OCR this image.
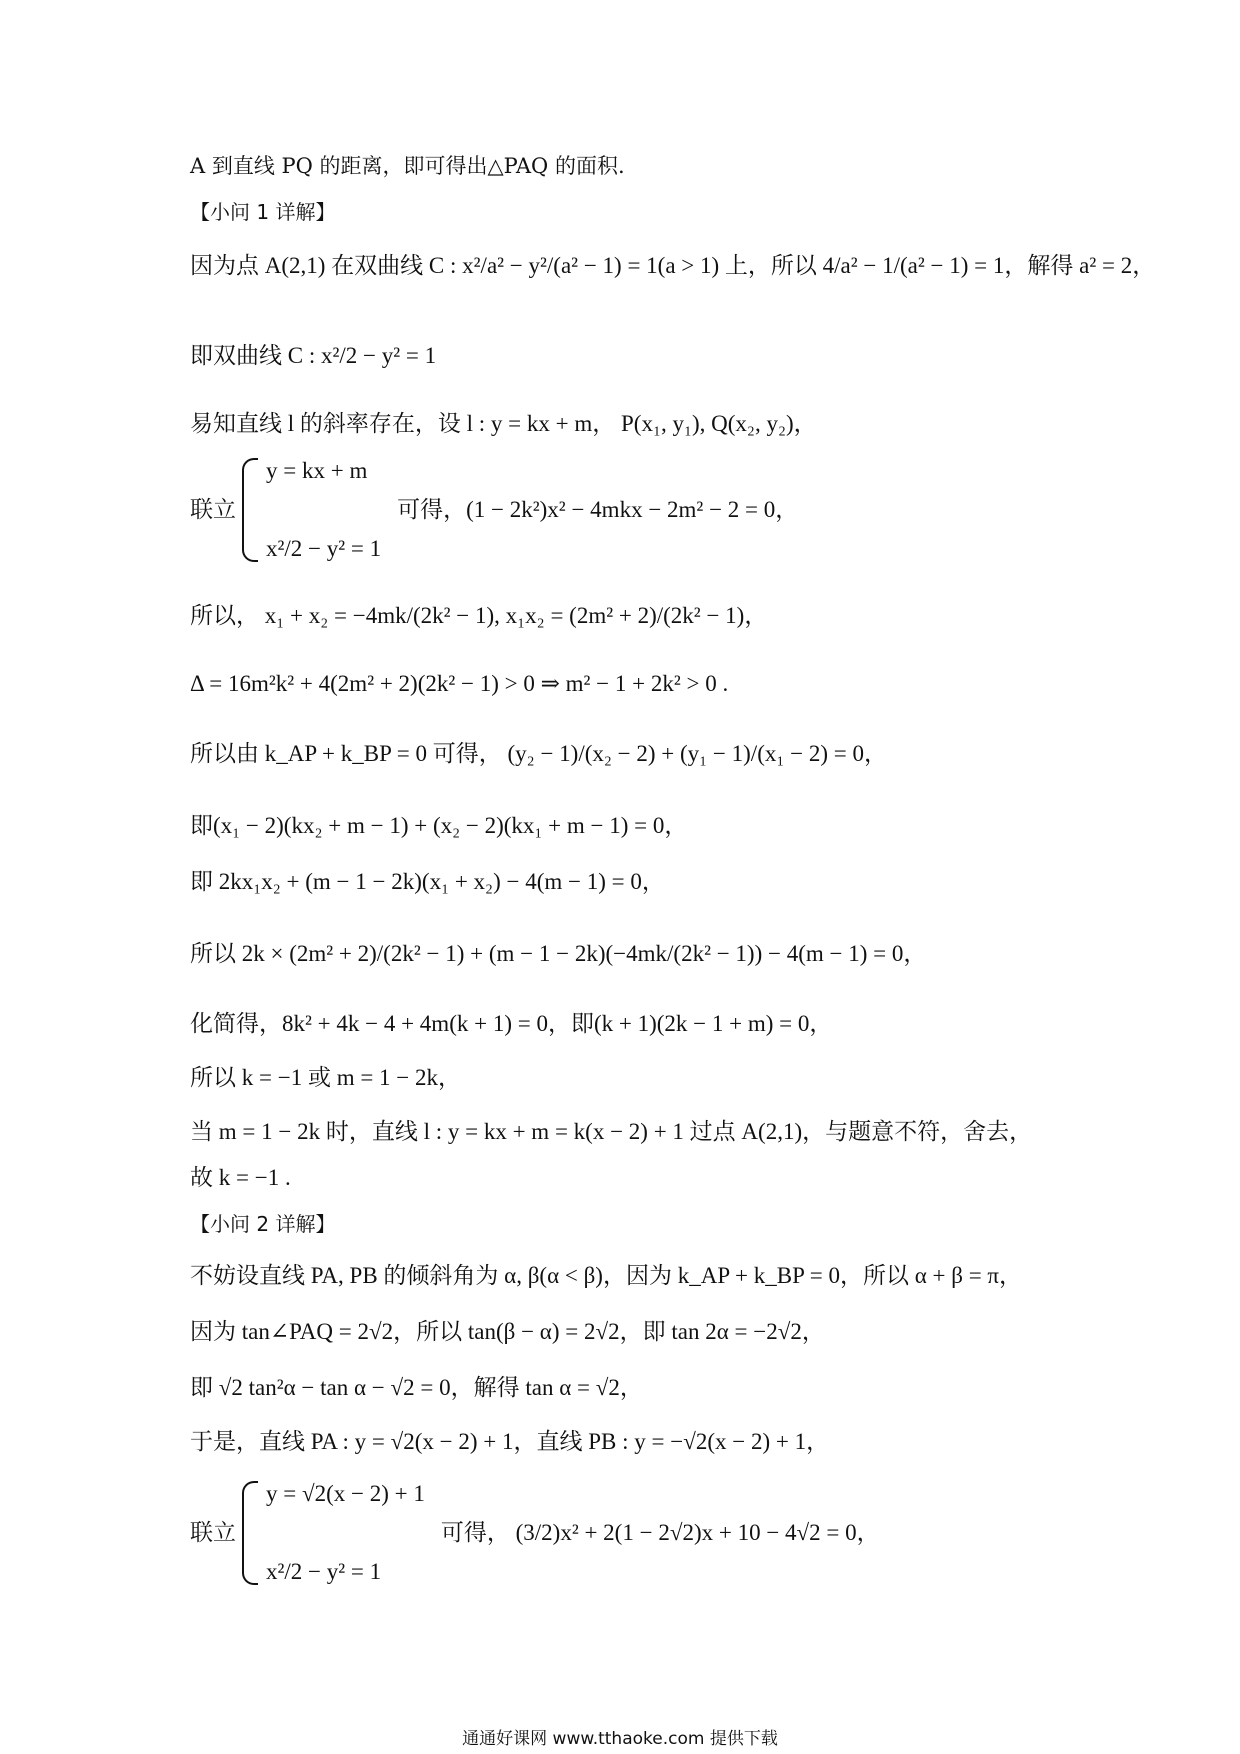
A 到直线 PQ 的距离，即可得出△PAQ 的面积.
【小问 1 详解】
因为点 A(2,1) 在双曲线 C : x²/a² − y²/(a² − 1) = 1(a > 1) 上，所以 4/a² − 1/(a² − 1) = 1，解得 a² = 2，
即双曲线 C : x²/2 − y² = 1
易知直线 l 的斜率存在，设 l : y = kx + m， P(x₁, y₁), Q(x₂, y₂)，
联立
y = kx + m
x²/2 − y² = 1
可得，(1 − 2k²)x² − 4mkx − 2m² − 2 = 0，
所以， x₁ + x₂ = −4mk/(2k² − 1), x₁x₂ = (2m² + 2)/(2k² − 1)，
Δ = 16m²k² + 4(2m² + 2)(2k² − 1) > 0 ⇒ m² − 1 + 2k² > 0 .
所以由 k_AP + k_BP = 0 可得， (y₂ − 1)/(x₂ − 2) + (y₁ − 1)/(x₁ − 2) = 0，
即(x₁ − 2)(kx₂ + m − 1) + (x₂ − 2)(kx₁ + m − 1) = 0，
即 2kx₁x₂ + (m − 1 − 2k)(x₁ + x₂) − 4(m − 1) = 0，
所以 2k × (2m² + 2)/(2k² − 1) + (m − 1 − 2k)(−4mk/(2k² − 1)) − 4(m − 1) = 0，
化简得，8k² + 4k − 4 + 4m(k + 1) = 0，即(k + 1)(2k − 1 + m) = 0，
所以 k = −1 或 m = 1 − 2k，
当 m = 1 − 2k 时，直线 l : y = kx + m = k(x − 2) + 1 过点 A(2,1)，与题意不符，舍去，
故 k = −1 .
【小问 2 详解】
不妨设直线 PA, PB 的倾斜角为 α, β(α < β)，因为 k_AP + k_BP = 0，所以 α + β = π，
因为 tan∠PAQ = 2√2，所以 tan(β − α) = 2√2，即 tan 2α = −2√2，
即 √2 tan²α − tan α − √2 = 0，解得 tan α = √2，
于是，直线 PA : y = √2(x − 2) + 1，直线 PB : y = −√2(x − 2) + 1，
联立
y = √2(x − 2) + 1
x²/2 − y² = 1
可得， (3/2)x² + 2(1 − 2√2)x + 10 − 4√2 = 0，
通通好课网 www.tthaoke.com 提供下载
